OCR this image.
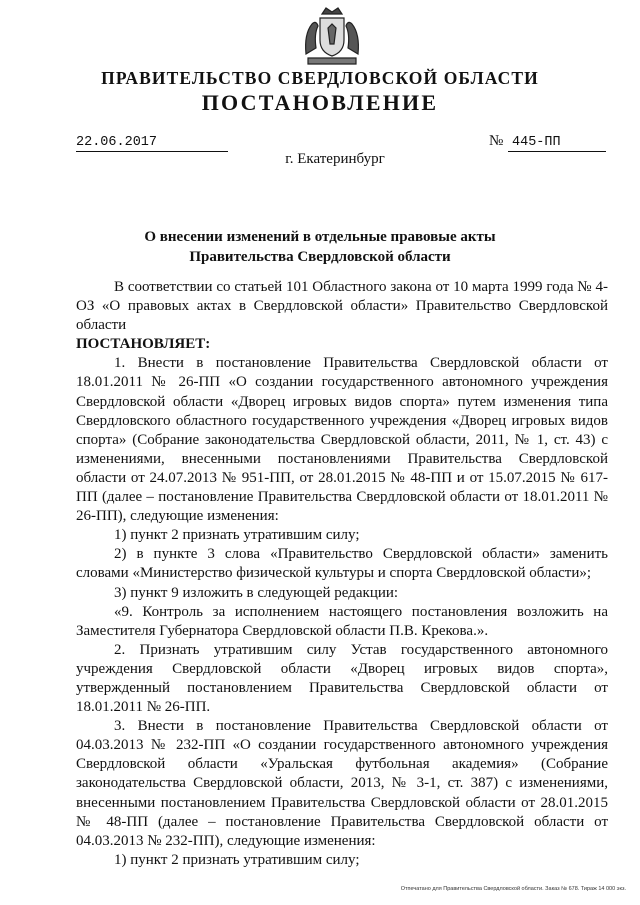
ПРАВИТЕЛЬСТВО СВЕРДЛОВСКОЙ ОБЛАСТИ
ПОСТАНОВЛЕНИЕ
22.06.2017	№ 445-ПП
г. Екатеринбург
О внесении изменений в отдельные правовые акты
Правительства Свердловской области

В соответствии со статьей 101 Областного закона от 10 марта 1999 года № 4-ОЗ «О правовых актах в Свердловской области» Правительство Свердловской области

ПОСТАНОВЛЯЕТ:

1. Внести в постановление Правительства Свердловской области от 18.01.2011 № 26-ПП «О создании государственного автономного учреждения Свердловской области «Дворец игровых видов спорта» путем изменения типа Свердловского областного государственного учреждения «Дворец игровых видов спорта» (Собрание законодательства Свердловской области, 2011, № 1, ст. 43) с изменениями, внесенными постановлениями Правительства Свердловской области от 24.07.2013 № 951-ПП, от 28.01.2015 № 48-ПП и от 15.07.2015 № 617-ПП (далее – постановление Правительства Свердловской области от 18.01.2011 № 26-ПП), следующие изменения:

1) пункт 2 признать утратившим силу;

2) в пункте 3 слова «Правительство Свердловской области» заменить словами «Министерство физической культуры и спорта Свердловской области»;

3) пункт 9 изложить в следующей редакции:

«9. Контроль за исполнением настоящего постановления возложить на Заместителя Губернатора Свердловской области П.В. Крекова.».

2. Признать утратившим силу Устав государственного автономного учреждения Свердловской области «Дворец игровых видов спорта», утвержденный постановлением Правительства Свердловской области от 18.01.2011 № 26-ПП.

3. Внести в постановление Правительства Свердловской области от 04.03.2013 № 232-ПП «О создании государственного автономного учреждения Свердловской области «Уральская футбольная академия» (Собрание законодательства Свердловской области, 2013, № 3-1, ст. 387) с изменениями, внесенными постановлением Правительства Свердловской области от 28.01.2015 № 48-ПП (далее – постановление Правительства Свердловской области от 04.03.2013 № 232-ПП), следующие изменения:

1) пункт 2 признать утратившим силу;

Отпечатано для Правительства Свердловской области. Заказ № 678. Тираж 14 000 экз.
